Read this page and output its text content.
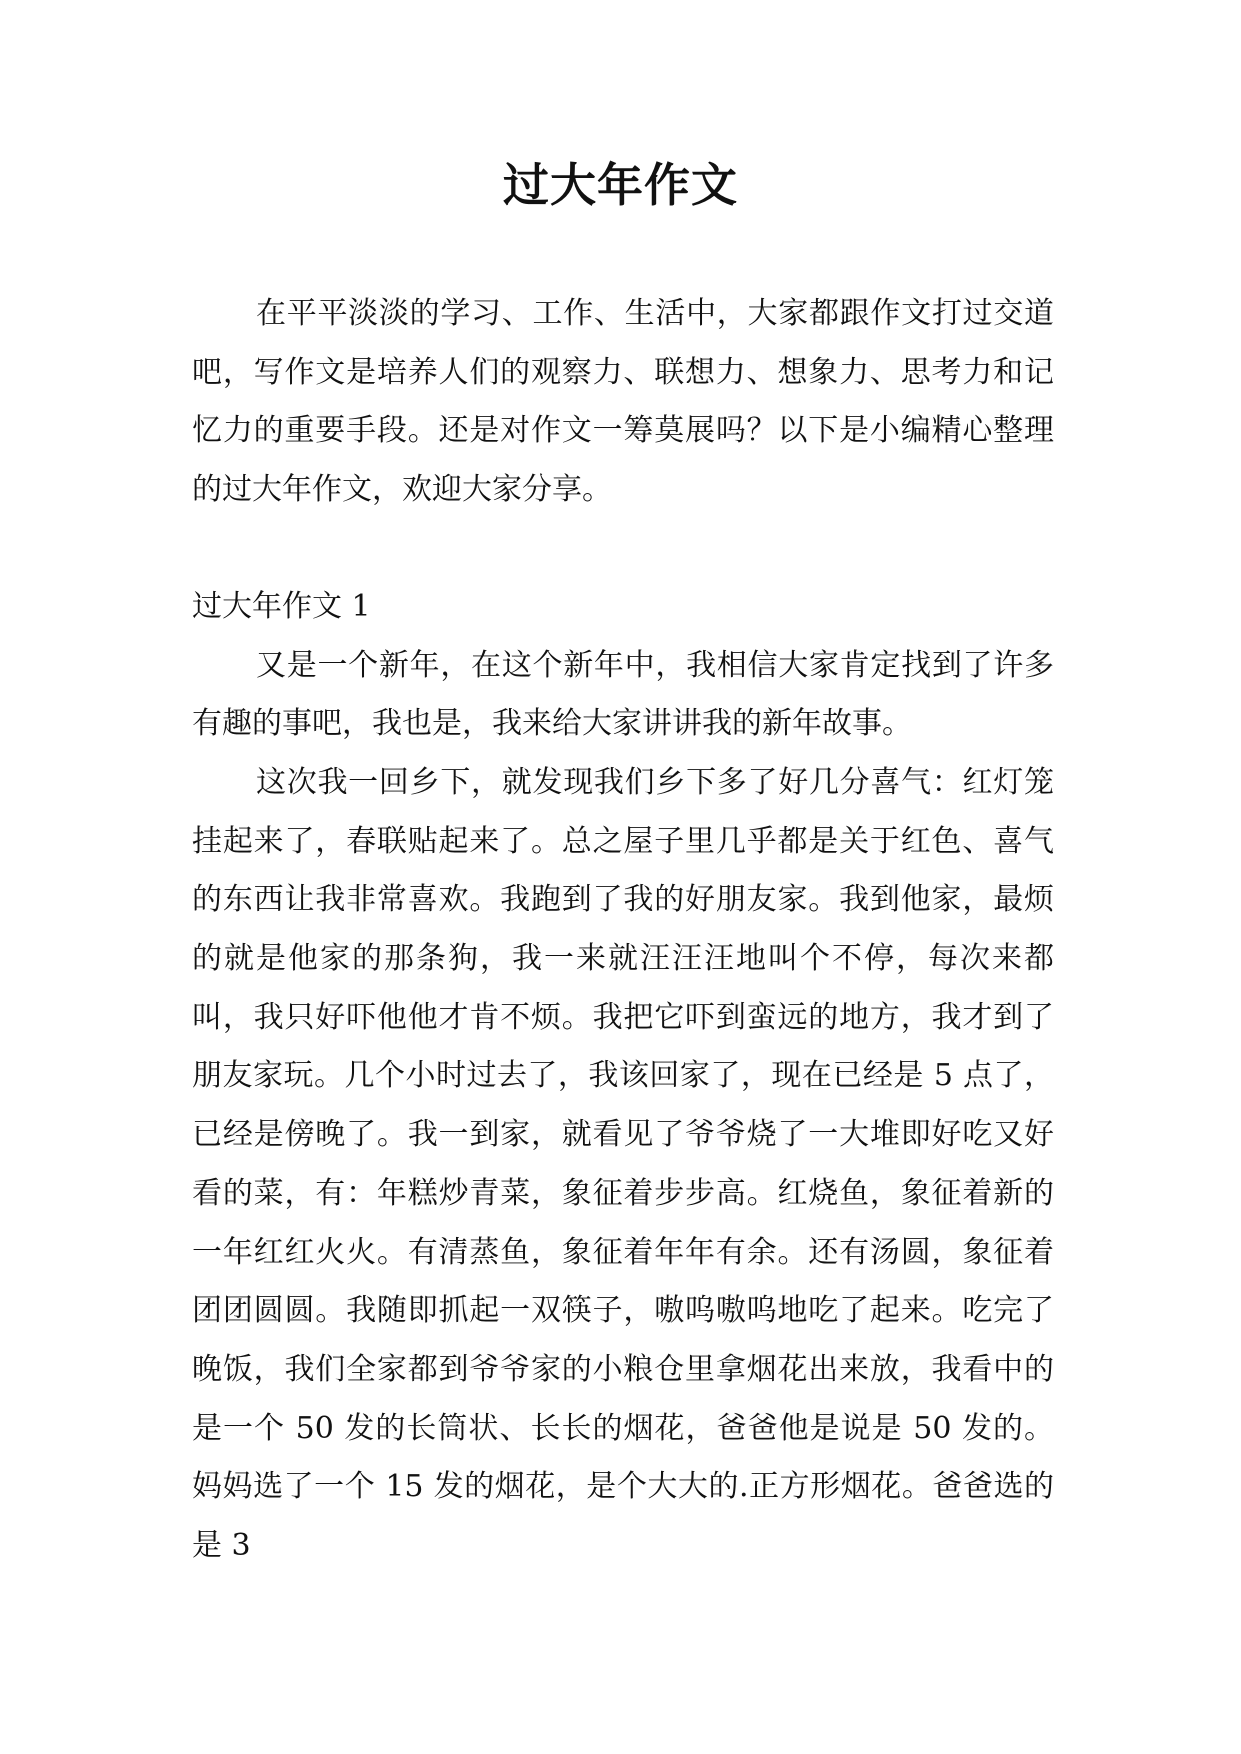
过大年作文

在平平淡淡的学习、工作、生活中，大家都跟作文打过交道吧，写作文是培养人们的观察力、联想力、想象力、思考力和记忆力的重要手段。还是对作文一筹莫展吗？以下是小编精心整理的过大年作文，欢迎大家分享。

过大年作文 1

又是一个新年，在这个新年中，我相信大家肯定找到了许多有趣的事吧，我也是，我来给大家讲讲我的新年故事。

这次我一回乡下，就发现我们乡下多了好几分喜气：红灯笼挂起来了，春联贴起来了。总之屋子里几乎都是关于红色、喜气的东西让我非常喜欢。我跑到了我的好朋友家。我到他家，最烦的就是他家的那条狗，我一来就汪汪汪地叫个不停，每次来都叫，我只好吓他他才肯不烦。我把它吓到蛮远的地方，我才到了朋友家玩。几个小时过去了，我该回家了，现在已经是 5 点了，已经是傍晚了。我一到家，就看见了爷爷烧了一大堆即好吃又好看的菜，有：年糕炒青菜，象征着步步高。红烧鱼，象征着新的一年红红火火。有清蒸鱼，象征着年年有余。还有汤圆，象征着团团圆圆。我随即抓起一双筷子，嗷呜嗷呜地吃了起来。吃完了晚饭，我们全家都到爷爷家的小粮仓里拿烟花出来放，我看中的是一个 50 发的长筒状、长长的烟花，爸爸他是说是 50 发的。妈妈选了一个 15 发的烟花，是个大大的.正方形烟花。爸爸选的是 3
